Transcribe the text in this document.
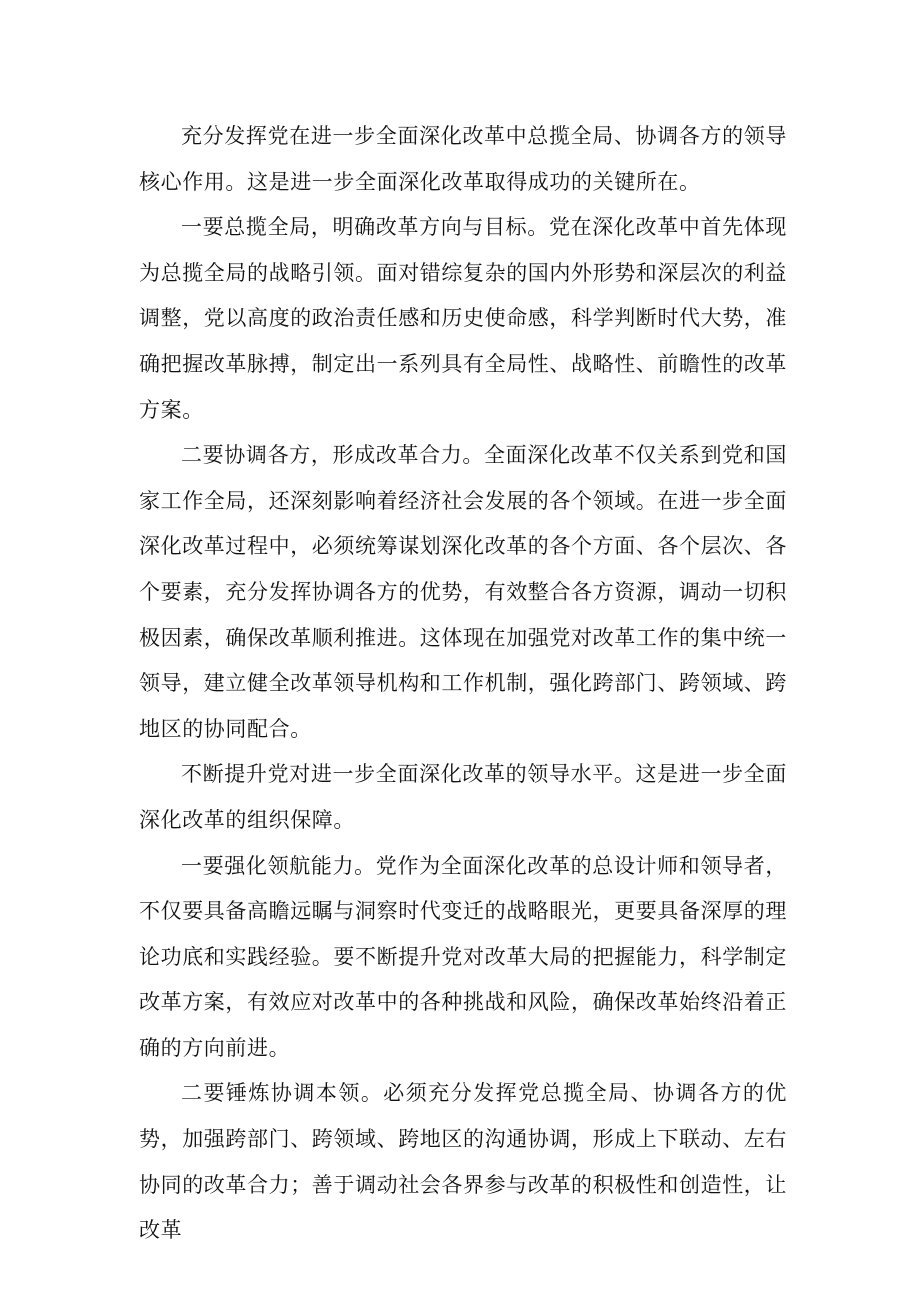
充分发挥党在进一步全面深化改革中总揽全局、协调各方的领导核心作用。这是进一步全面深化改革取得成功的关键所在。

一要总揽全局，明确改革方向与目标。党在深化改革中首先体现为总揽全局的战略引领。面对错综复杂的国内外形势和深层次的利益调整，党以高度的政治责任感和历史使命感，科学判断时代大势，准确把握改革脉搏，制定出一系列具有全局性、战略性、前瞻性的改革方案。

二要协调各方，形成改革合力。全面深化改革不仅关系到党和国家工作全局，还深刻影响着经济社会发展的各个领域。在进一步全面深化改革过程中，必须统筹谋划深化改革的各个方面、各个层次、各个要素，充分发挥协调各方的优势，有效整合各方资源，调动一切积极因素，确保改革顺利推进。这体现在加强党对改革工作的集中统一领导，建立健全改革领导机构和工作机制，强化跨部门、跨领域、跨地区的协同配合。

不断提升党对进一步全面深化改革的领导水平。这是进一步全面深化改革的组织保障。

一要强化领航能力。党作为全面深化改革的总设计师和领导者，不仅要具备高瞻远瞩与洞察时代变迁的战略眼光，更要具备深厚的理论功底和实践经验。要不断提升党对改革大局的把握能力，科学制定改革方案，有效应对改革中的各种挑战和风险，确保改革始终沿着正确的方向前进。

二要锤炼协调本领。必须充分发挥党总揽全局、协调各方的优势，加强跨部门、跨领域、跨地区的沟通协调，形成上下联动、左右协同的改革合力；善于调动社会各界参与改革的积极性和创造性，让改革
